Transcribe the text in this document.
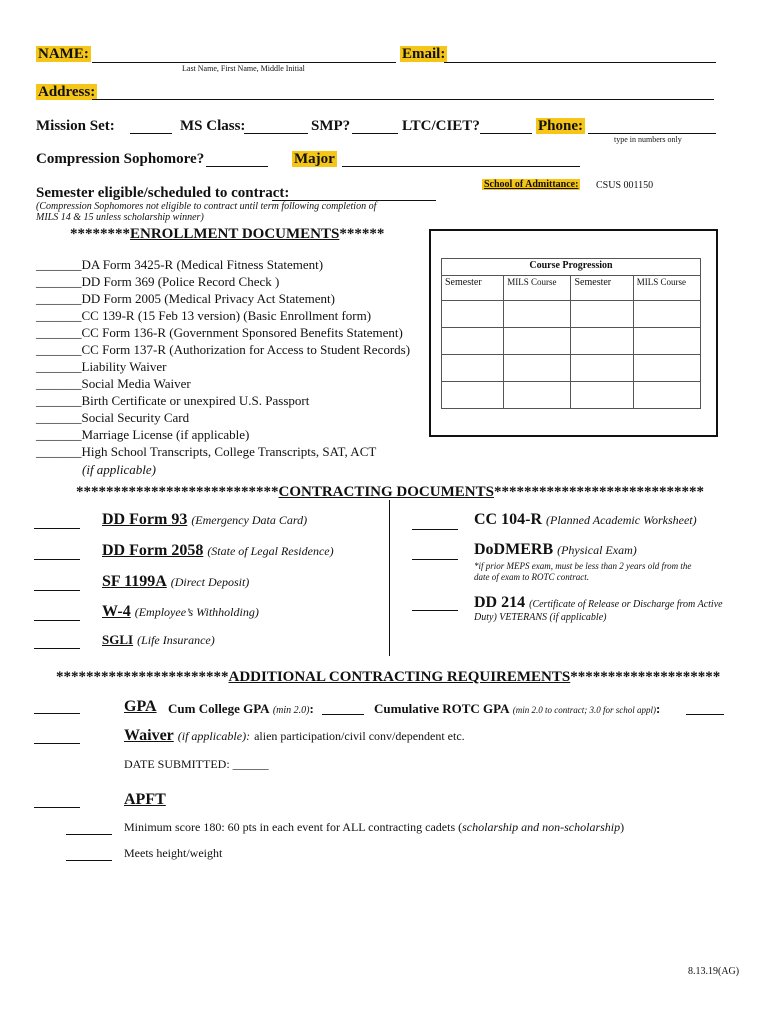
NAME:
Last Name, First Name, Middle Initial
Email:
Address:
Mission Set:	MS Class:	SMP?	LTC/CIET?	Phone:
type in numbers only
Compression Sophomore?	Major
Semester eligible/scheduled to contract:
School of Admittance: CSUS 001150
(Compression Sophomores not eligible to contract until term following completion of
MILS 14 & 15 unless scholarship winner)
********ENROLLMENT DOCUMENTS******
_______DA Form 3425-R (Medical Fitness Statement)
_______DD Form 369 (Police Record Check )
_______DD Form 2005 (Medical Privacy Act Statement)
_______CC 139-R (15 Feb 13 version) (Basic Enrollment form)
_______CC Form 136-R (Government Sponsored Benefits Statement)
_______CC Form 137-R (Authorization for Access to Student Records)
_______Liability Waiver
_______Social Media Waiver
_______Birth Certificate or unexpired U.S. Passport
_______Social Security Card
_______Marriage License (if applicable)
_______High School Transcripts, College Transcripts, SAT, ACT
(if applicable)
Course Progression			
Semester	MILS Course	Semester	MILS Course

***************************CONTRACTING DOCUMENTS****************************
DD Form 93 (Emergency Data Card)
DD Form 2058 (State of Legal Residence)
SF 1199A (Direct Deposit)
W-4 (Employee’s Withholding)
SGLI (Life Insurance)
CC 104-R (Planned Academic Worksheet)
DoDMERB (Physical Exam)
*if prior MEPS exam, must be less than 2 years old from the
date of exam to ROTC contract.
DD 214 (Certificate of Release or Discharge from Active
Duty) VETERANS (if applicable)
***********************ADDITIONAL CONTRACTING REQUIREMENTS********************
GPA Cum College GPA (min 2.0):	Cumulative ROTC GPA (min 2.0 to contract; 3.0 for schol appl):
Waiver (if applicable): alien participation/civil conv/dependent etc.
DATE SUBMITTED: ______
APFT
Minimum score 180: 60 pts in each event for ALL contracting cadets (scholarship and non-scholarship)
Meets height/weight
8.13.19(AG)
